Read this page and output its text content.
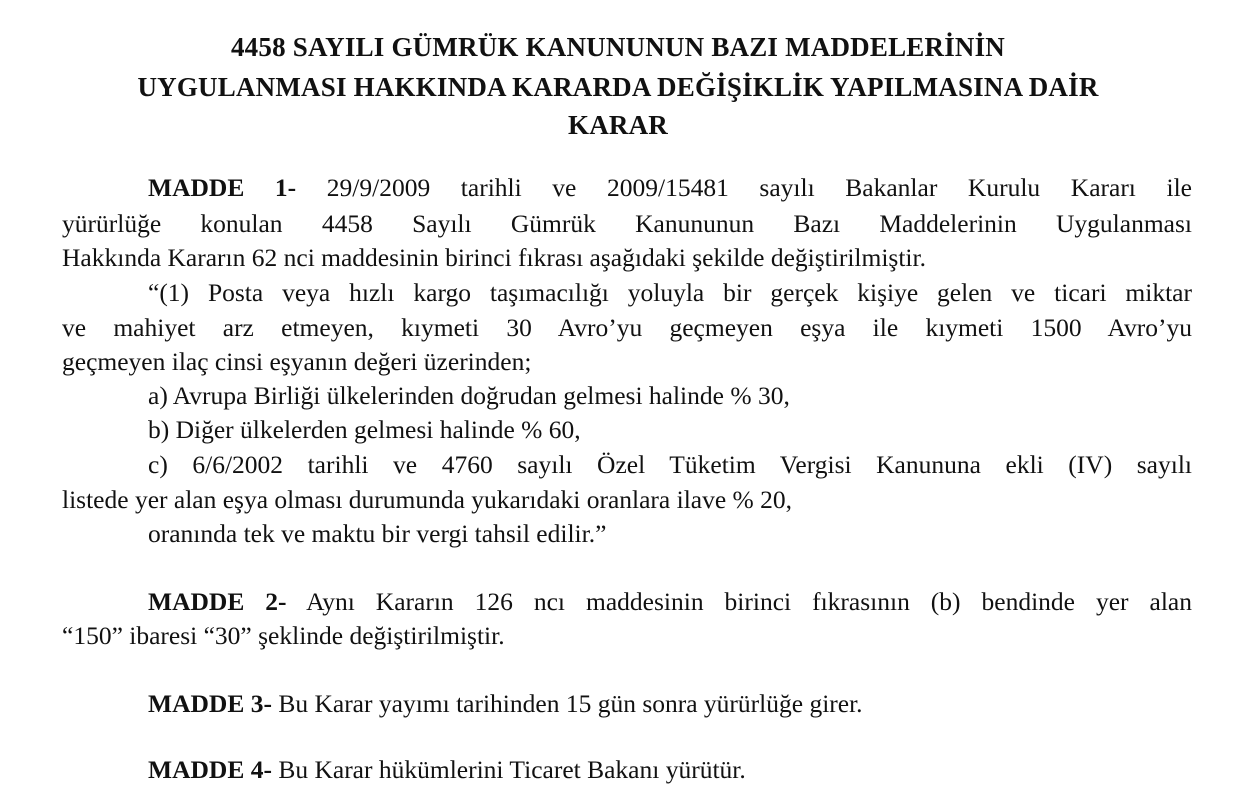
4458 SAYILI GÜMRÜK KANUNUNUN BAZI MADDELERİNİN
UYGULANMASI HAKKINDA KARARDA DEĞİŞİKLİK YAPILMASINA DAİR
KARAR
MADDE 1- 29/9/2009 tarihli ve 2009/15481 sayılı Bakanlar Kurulu Kararı ile
yürürlüğe konulan 4458 Sayılı Gümrük Kanununun Bazı Maddelerinin Uygulanması
Hakkında Kararın 62 nci maddesinin birinci fıkrası aşağıdaki şekilde değiştirilmiştir.
“(1) Posta veya hızlı kargo taşımacılığı yoluyla bir gerçek kişiye gelen ve ticari miktar
ve mahiyet arz etmeyen, kıymeti 30 Avro’yu geçmeyen eşya ile kıymeti 1500 Avro’yu
geçmeyen ilaç cinsi eşyanın değeri üzerinden;
a) Avrupa Birliği ülkelerinden doğrudan gelmesi halinde % 30,
b) Diğer ülkelerden gelmesi halinde % 60,
c) 6/6/2002 tarihli ve 4760 sayılı Özel Tüketim Vergisi Kanununa ekli (IV) sayılı
listede yer alan eşya olması durumunda yukarıdaki oranlara ilave % 20,
oranında tek ve maktu bir vergi tahsil edilir.”
MADDE 2- Aynı Kararın 126 ncı maddesinin birinci fıkrasının (b) bendinde yer alan
“150” ibaresi “30” şeklinde değiştirilmiştir.
MADDE 3- Bu Karar yayımı tarihinden 15 gün sonra yürürlüğe girer.
MADDE 4- Bu Karar hükümlerini Ticaret Bakanı yürütür.
